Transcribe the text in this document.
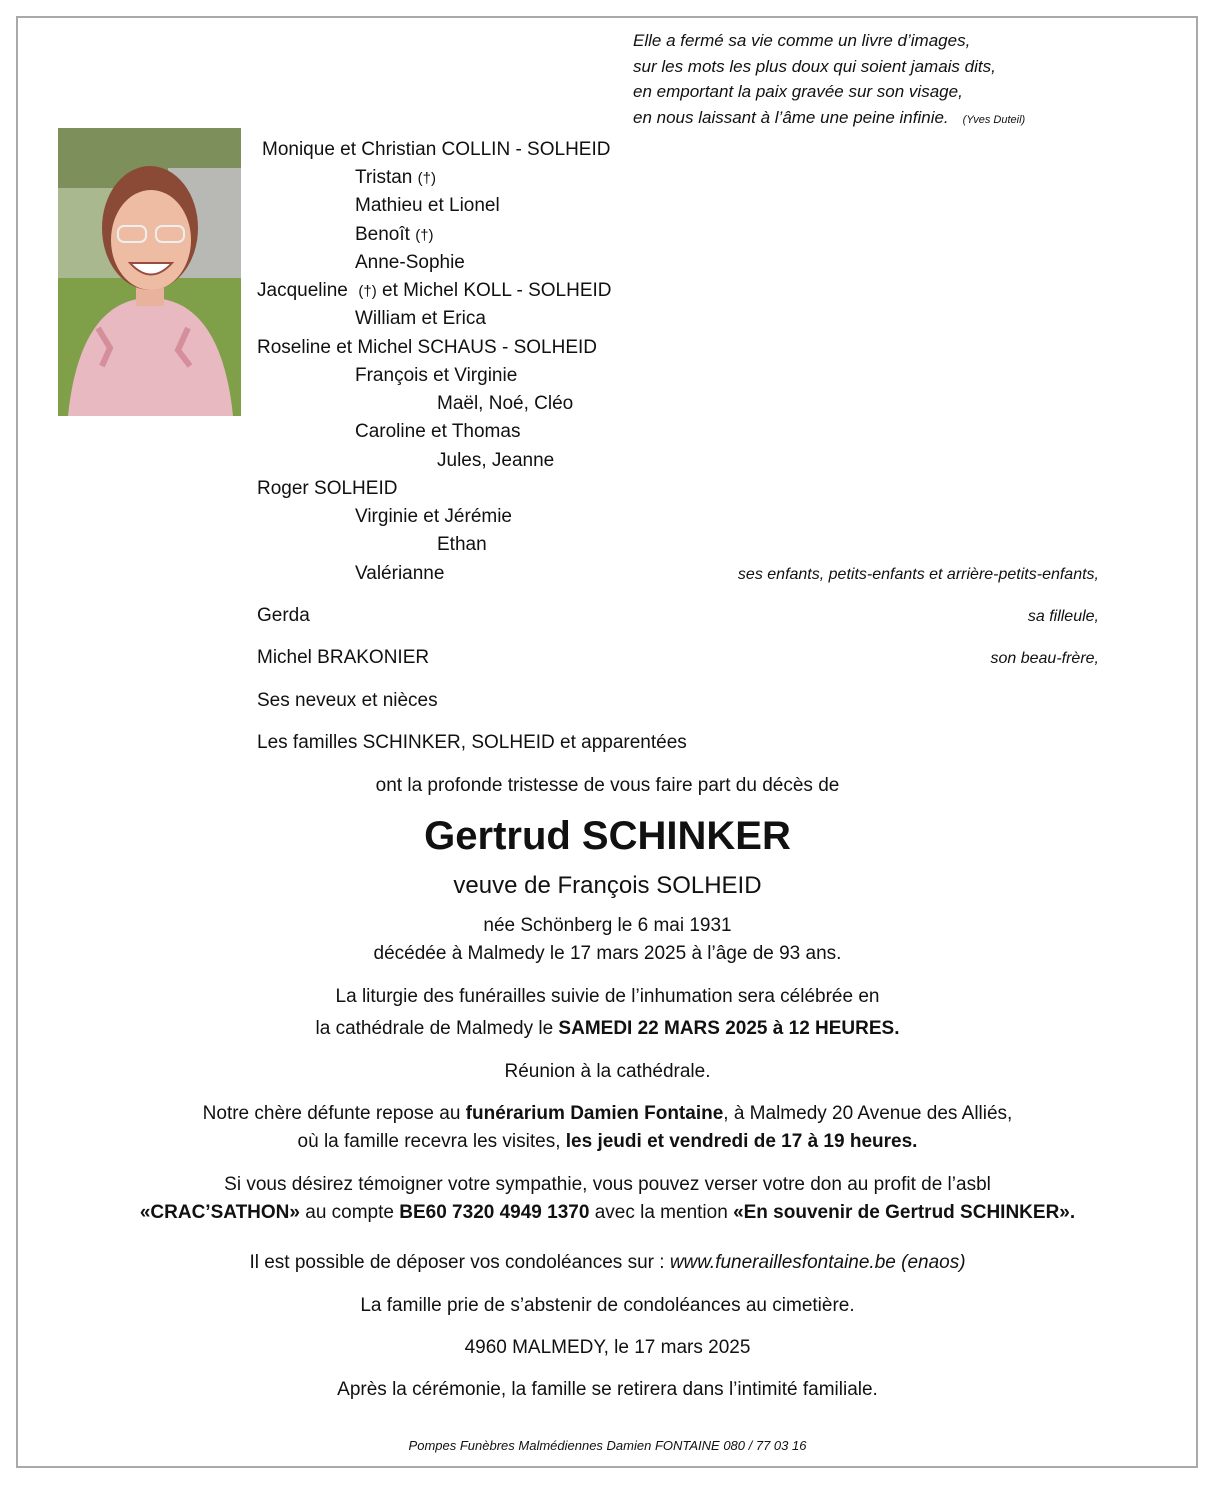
Elle a fermé sa vie comme un livre d’images,
sur les mots les plus doux qui soient jamais dits,
en emportant la paix gravée sur son visage,
en nous laissant à l’âme une peine infinie. (Yves Duteil)
Monique et Christian COLLIN - SOLHEID
Tristan (†)
Mathieu et Lionel
Benoît (†)
Anne-Sophie
Jacqueline (†) et Michel KOLL - SOLHEID
William et Erica
Roseline et Michel SCHAUS - SOLHEID
François et Virginie
Maël, Noé, Cléo
Caroline et Thomas
Jules, Jeanne
Roger SOLHEID
Virginie et Jérémie
Ethan
Valérianne	ses enfants, petits-enfants et arrière-petits-enfants,
Gerda	sa filleule,
Michel BRAKONIER	son beau-frère,
Ses neveux et nièces
Les familles SCHINKER, SOLHEID et apparentées
ont la profonde tristesse de vous faire part du décès de
Gertrud SCHINKER
veuve de François SOLHEID
née Schönberg le 6 mai 1931
décédée à Malmedy le 17 mars 2025 à l’âge de 93 ans.
La liturgie des funérailles suivie de l’inhumation sera célébrée en
la cathédrale de Malmedy le SAMEDI 22 MARS 2025 à 12 HEURES.
Réunion à la cathédrale.
Notre chère défunte repose au funérarium Damien Fontaine, à Malmedy 20 Avenue des Alliés,
où la famille recevra les visites, les jeudi et vendredi de 17 à 19 heures.
Si vous désirez témoigner votre sympathie, vous pouvez verser votre don au profit de l’asbl
«CRAC’SATHON» au compte BE60 7320 4949 1370 avec la mention «En souvenir de Gertrud SCHINKER».
Il est possible de déposer vos condoléances sur : www.funeraillesfontaine.be (enaos)
La famille prie de s’abstenir de condoléances au cimetière.
4960 MALMEDY, le 17 mars 2025
Après la cérémonie, la famille se retirera dans l’intimité familiale.
Pompes Funèbres Malmédiennes Damien FONTAINE 080 / 77 03 16
